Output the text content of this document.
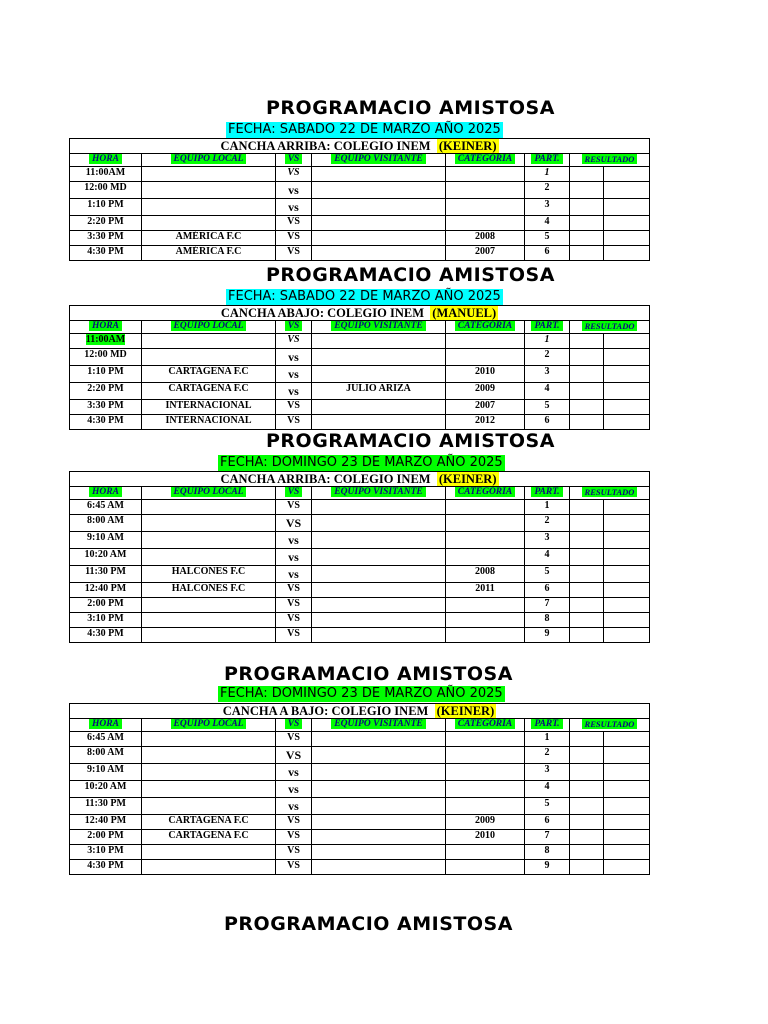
PROGRAMACIO AMISTOSA
FECHA: SABADO 22 DE MARZO AÑO 2025
CANCHA ARRIBA: COLEGIO INEM (KEINER)							
HORA	EQUIPO LOCAL	VS	EQUIPO VISITANTE	CATEGORÍA	PART.	RESULTADO	
11:00AM		VS			1		
12:00 MD		vs			2		
1:10 PM		vs			3		
2:20 PM		VS			4		
3:30 PM	AMÉRICA F.C	VS		2008	5		
4:30 PM	AMÉRICA F.C	VS		2007	6		
PROGRAMACIO AMISTOSA
FECHA: SABADO 22 DE MARZO AÑO 2025
CANCHA ABAJO: COLEGIO INEM (MANUEL)							
HORA	EQUIPO LOCAL	VS	EQUIPO VISITANTE	CATEGORÍA	PART.	RESULTADO	
11:00AM		VS			1		
12:00 MD		vs			2		
1:10 PM	CARTAGENA F.C	vs		2010	3		
2:20 PM	CARTAGENA F.C	vs	JULIO ARIZA	2009	4		
3:30 PM	INTERNACIONAL	VS		2007	5		
4:30 PM	INTERNACIONAL	VS		2012	6		
PROGRAMACIO AMISTOSA
FECHA: DOMINGO 23 DE MARZO AÑO 2025
CANCHA ARRIBA: COLEGIO INEM (KEINER)							
HORA	EQUIPO LOCAL	VS	EQUIPO VISITANTE	CATEGORÍA	PART.	RESULTADO	
6:45 AM		VS			1		
8:00 AM		VS			2		
9:10 AM		vs			3		
10:20 AM		vs			4		
11:30 PM	HALCONES F.C	vs		2008	5		
12:40 PM	HALCONES F.C	VS		2011	6		
2:00 PM		VS			7		
3:10 PM		VS			8		
4:30 PM		VS			9		
PROGRAMACIO AMISTOSA
FECHA: DOMINGO 23 DE MARZO AÑO 2025
CANCHA A BAJO: COLEGIO INEM (KEINER)							
HORA	EQUIPO LOCAL	VS	EQUIPO VISITANTE	CATEGORÍA	PART.	RESULTADO	
6:45 AM		VS			1		
8:00 AM		VS			2		
9:10 AM		vs			3		
10:20 AM		vs			4		
11:30 PM		vs			5		
12:40 PM	CARTAGENA F.C	VS		2009	6		
2:00 PM	CARTAGENA F.C	VS		2010	7		
3:10 PM		VS			8		
4:30 PM		VS			9		
PROGRAMACIO AMISTOSA
